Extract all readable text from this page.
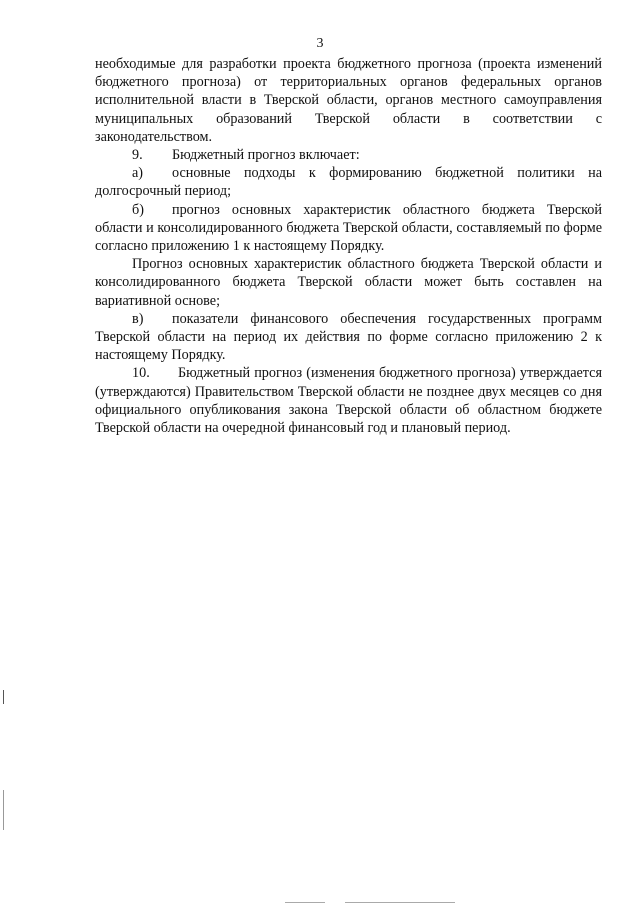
3

необходимые для разработки проекта бюджетного прогноза (проекта изменений бюджетного прогноза) от территориальных органов федеральных органов исполнительной власти в Тверской области, органов местного самоуправления муниципальных образований Тверской области в соответствии с законодательством.

9. Бюджетный прогноз включает:

а) основные подходы к формированию бюджетной политики на долгосрочный период;

б) прогноз основных характеристик областного бюджета Тверской области и консолидированного бюджета Тверской области, составляемый по форме согласно приложению 1 к настоящему Порядку.

Прогноз основных характеристик областного бюджета Тверской области и консолидированного бюджета Тверской области может быть составлен на вариативной основе;

в) показатели финансового обеспечения государственных программ Тверской области на период их действия по форме согласно приложению 2 к настоящему Порядку.

10. Бюджетный прогноз (изменения бюджетного прогноза) утверждается (утверждаются) Правительством Тверской области не позднее двух месяцев со дня официального опубликования закона Тверской области об областном бюджете Тверской области на очередной финансовый год и плановый период.
